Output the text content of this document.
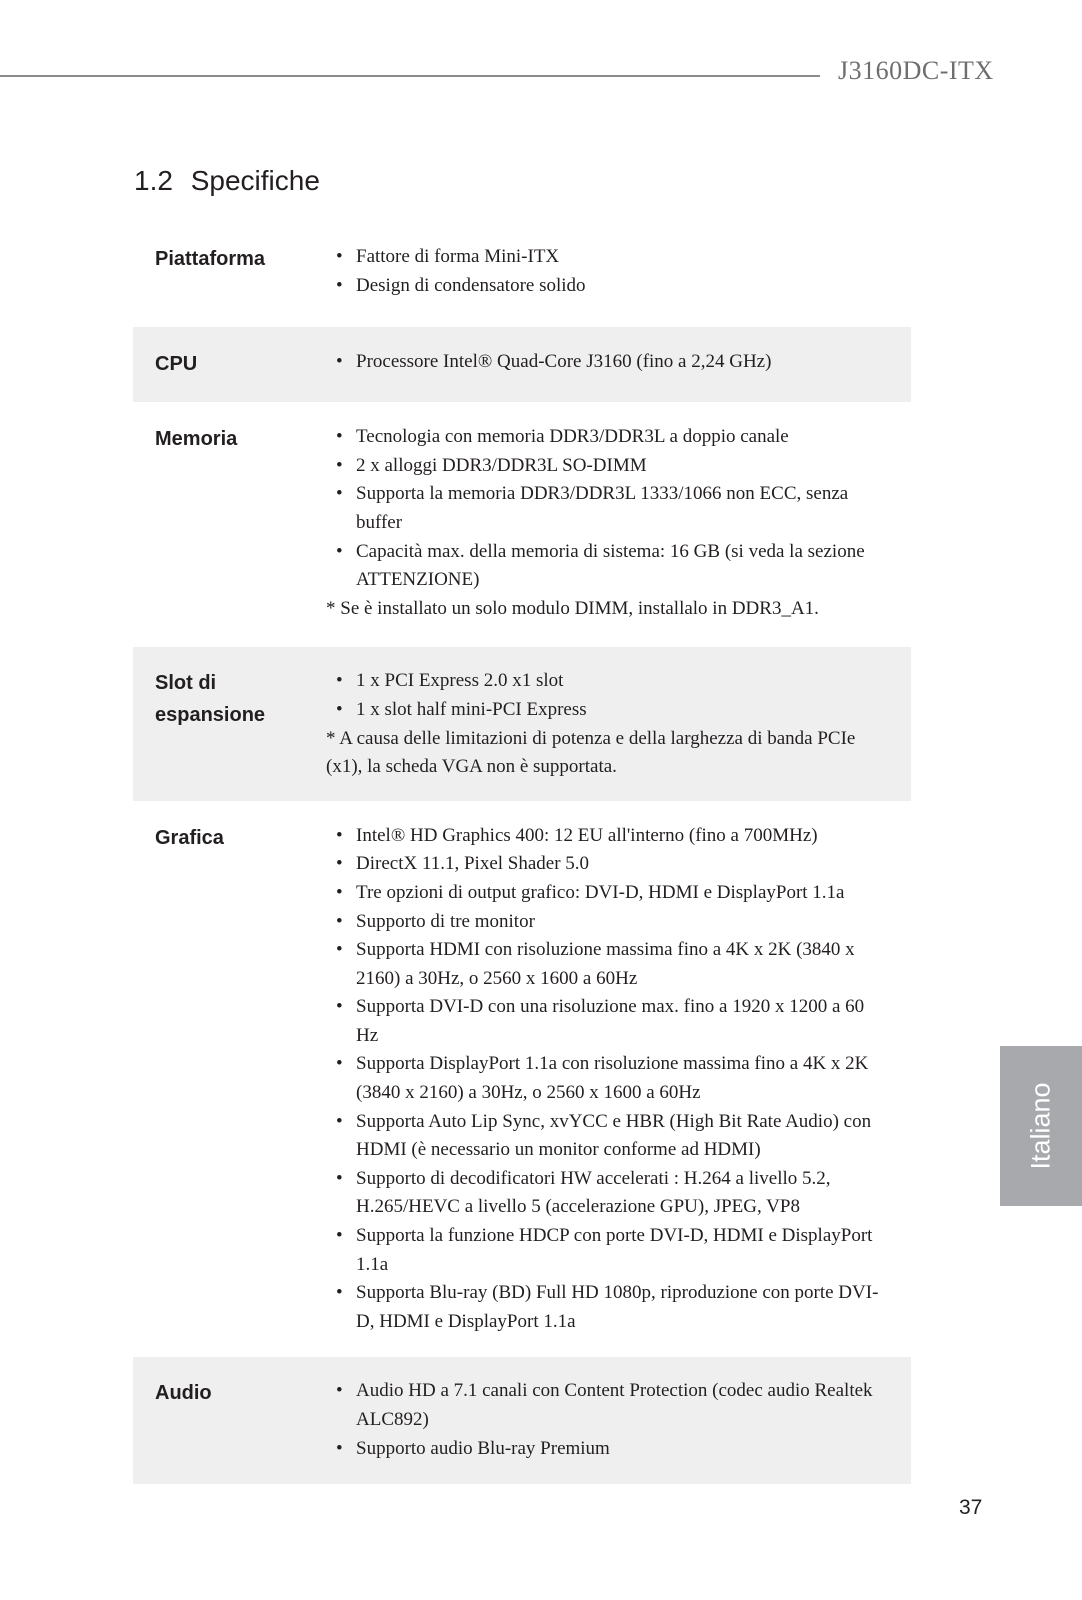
J3160DC-ITX
1.2 Specifiche
Piattaforma	• Fattore di forma Mini-ITX
• Design di condensatore solido
CPU	• Processore Intel® Quad-Core J3160 (fino a 2,24 GHz)
Memoria	• Tecnologia con memoria DDR3/DDR3L a doppio canale
• 2 x alloggi DDR3/DDR3L SO-DIMM
• Supporta la memoria DDR3/DDR3L 1333/1066 non ECC, senza buffer
• Capacità max. della memoria di sistema: 16 GB (si veda la sezione ATTENZIONE)
* Se è installato un solo modulo DIMM, installalo in DDR3_A1.
Slot di espansione
• 1 x PCI Express 2.0 x1 slot
• 1 x slot half mini-PCI Express
* A causa delle limitazioni di potenza e della larghezza di banda PCIe (x1), la scheda VGA non è supportata.
Grafica	• Intel® HD Graphics 400: 12 EU all'interno (fino a 700MHz)
• DirectX 11.1, Pixel Shader 5.0
• Tre opzioni di output grafico: DVI-D, HDMI e DisplayPort 1.1a
• Supporto di tre monitor
• Supporta HDMI con risoluzione massima fino a 4K x 2K (3840 x 2160) a 30Hz, o 2560 x 1600 a 60Hz
• Supporta DVI-D con una risoluzione max. fino a 1920 x 1200 a 60 Hz
• Supporta DisplayPort 1.1a con risoluzione massima fino a 4K x 2K (3840 x 2160) a 30Hz, o 2560 x 1600 a 60Hz
• Supporta Auto Lip Sync, xvYCC e HBR (High Bit Rate Audio) con HDMI (è necessario un monitor conforme ad HDMI)
• Supporto di decodificatori HW accelerati : H.264 a livello 5.2, H.265/HEVC a livello 5 (accelerazione GPU), JPEG, VP8
• Supporta la funzione HDCP con porte DVI-D, HDMI e DisplayPort 1.1a
• Supporta Blu-ray (BD) Full HD 1080p, riproduzione con porte DVI-D, HDMI e DisplayPort 1.1a
Audio	• Audio HD a 7.1 canali con Content Protection (codec audio Realtek ALC892)
• Supporto audio Blu-ray Premium
Italiano
37
